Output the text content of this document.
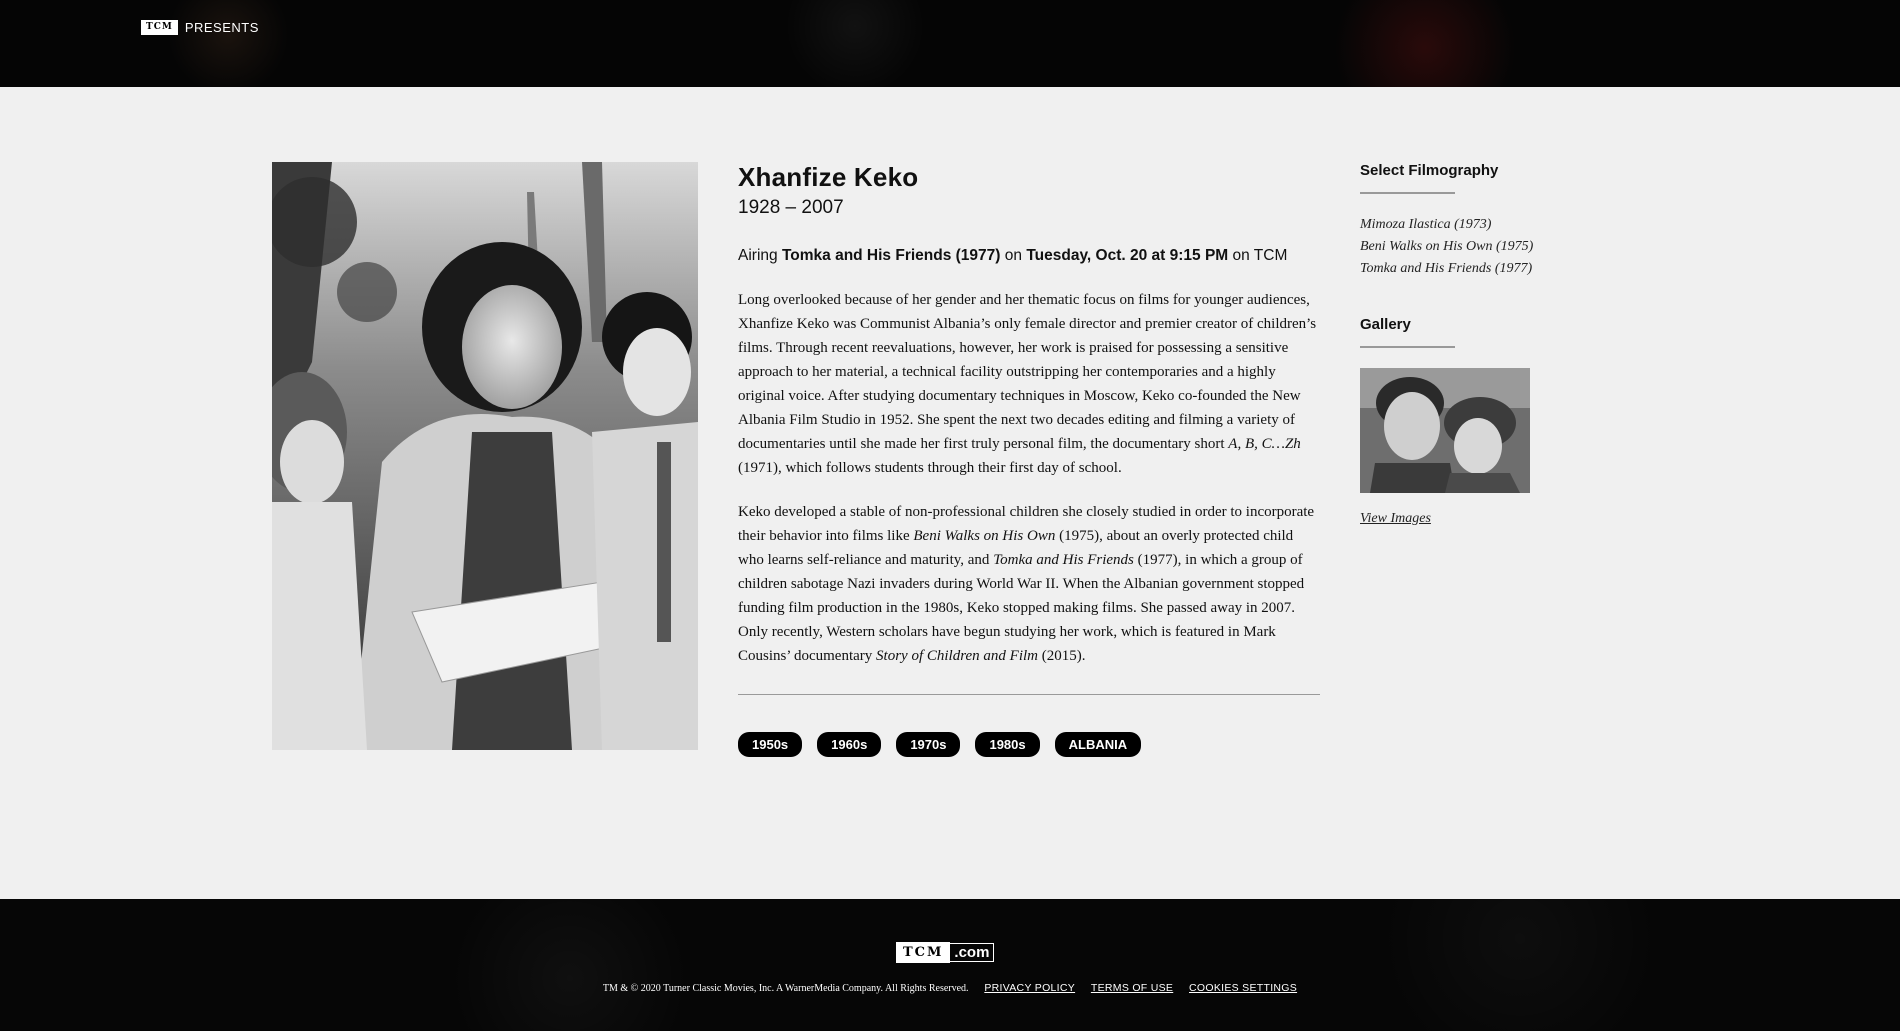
TCM PRESENTS
Xhanfize Keko

1928 – 2007

Airing Tomka and His Friends (1977) on Tuesday, Oct. 20 at 9:15 PM on TCM

Long overlooked because of her gender and her thematic focus on films for younger audiences, Xhanfize Keko was Communist Albania’s only female director and premier creator of children’s films. Through recent reevaluations, however, her work is praised for possessing a sensitive approach to her material, a technical facility outstripping her contemporaries and a highly original voice. After studying documentary techniques in Moscow, Keko co-founded the New Albania Film Studio in 1952. She spent the next two decades editing and filming a variety of documentaries until she made her first truly personal film, the documentary short A, B, C…Zh (1971), which follows students through their first day of school.

Keko developed a stable of non-professional children she closely studied in order to incorporate their behavior into films like Beni Walks on His Own (1975), about an overly protected child who learns self-reliance and maturity, and Tomka and His Friends (1977), in which a group of children sabotage Nazi invaders during World War II. When the Albanian government stopped funding film production in the 1980s, Keko stopped making films. She passed away in 2007. Only recently, Western scholars have begun studying her work, which is featured in Mark Cousins’ documentary Story of Children and Film (2015).

1950s	1960s	1970s	1980s	ALBANIA
Select Filmography
Mimoza Ilastica (1973)
Beni Walks on His Own (1975)
Tomka and His Friends (1977)
Gallery
View Images
TCM .com
TM & © 2020 Turner Classic Movies, Inc. A WarnerMedia Company. All Rights Reserved. PRIVACY POLICY TERMS OF USE COOKIES SETTINGS
